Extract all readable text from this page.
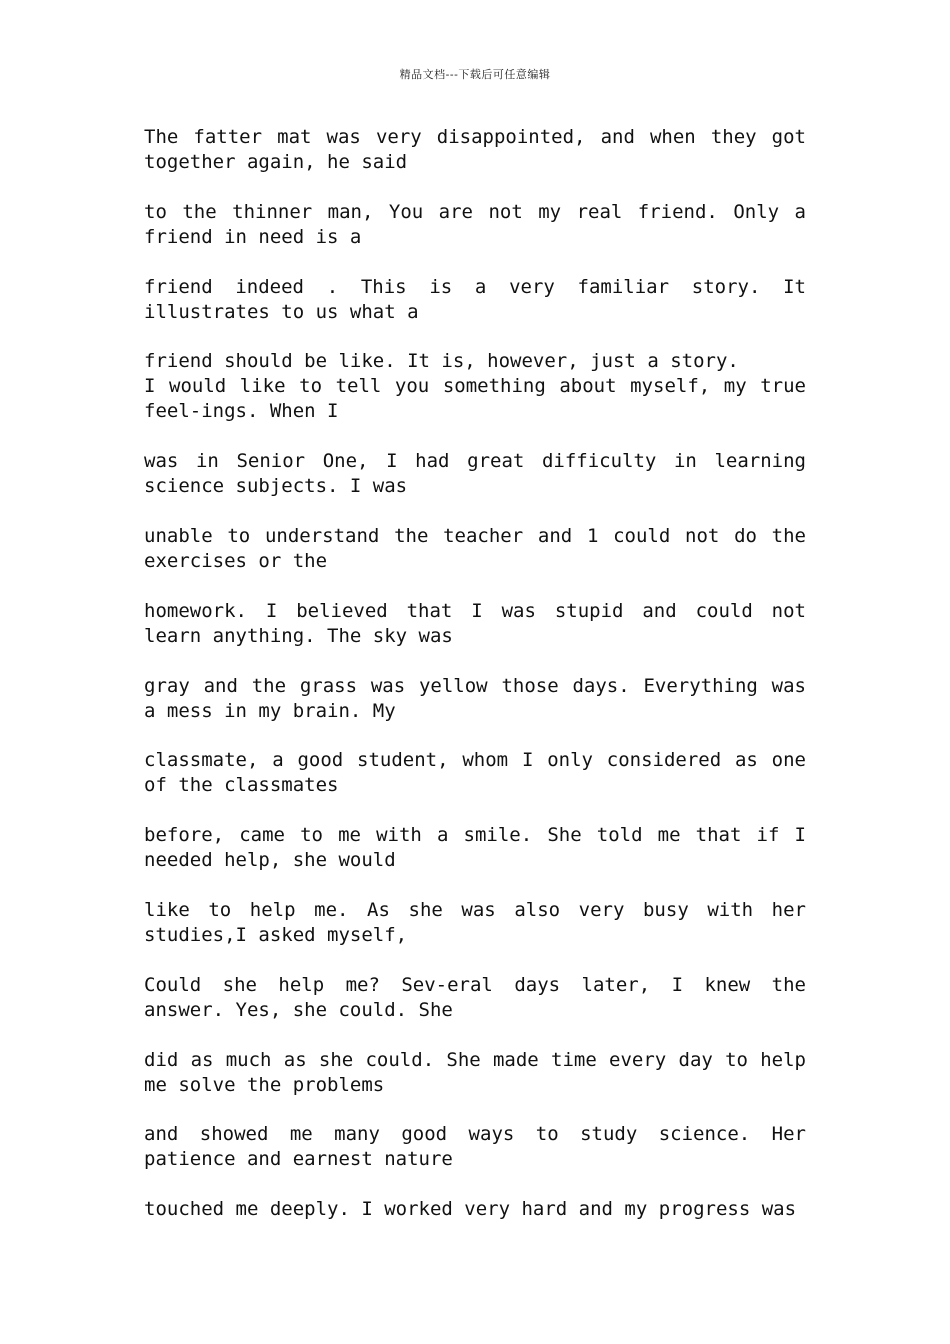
精品文档---下载后可任意编辑

The fatter mat was very disappointed, and when they got together again, he said

to the thinner man, You are not my real friend. Only a friend in need is a

friend indeed . This is a very familiar story. It illustrates to us what a

friend should be like. It is, however, just a story.

I would like to tell you something about myself, my true feel-ings. When I

was in Senior One, I had great difficulty in learning science subjects. I was

unable to understand the teacher and 1 could not do the exercises or the

homework. I believed that I was stupid and could not learn anything. The sky was

gray and the grass was yellow those days. Everything was a mess in my brain. My

classmate, a good student, whom I only considered as one of the classmates

before, came to me with a smile. She told me that if I needed help, she would

like to help me. As she was also very busy with her studies,I asked myself,

Could she help me? Sev-eral days later, I knew the answer. Yes, she could. She

did as much as she could. She made time every day to help me solve the problems

and showed me many good ways to study science. Her patience and earnest nature

touched me deeply. I worked very hard and my progress was
